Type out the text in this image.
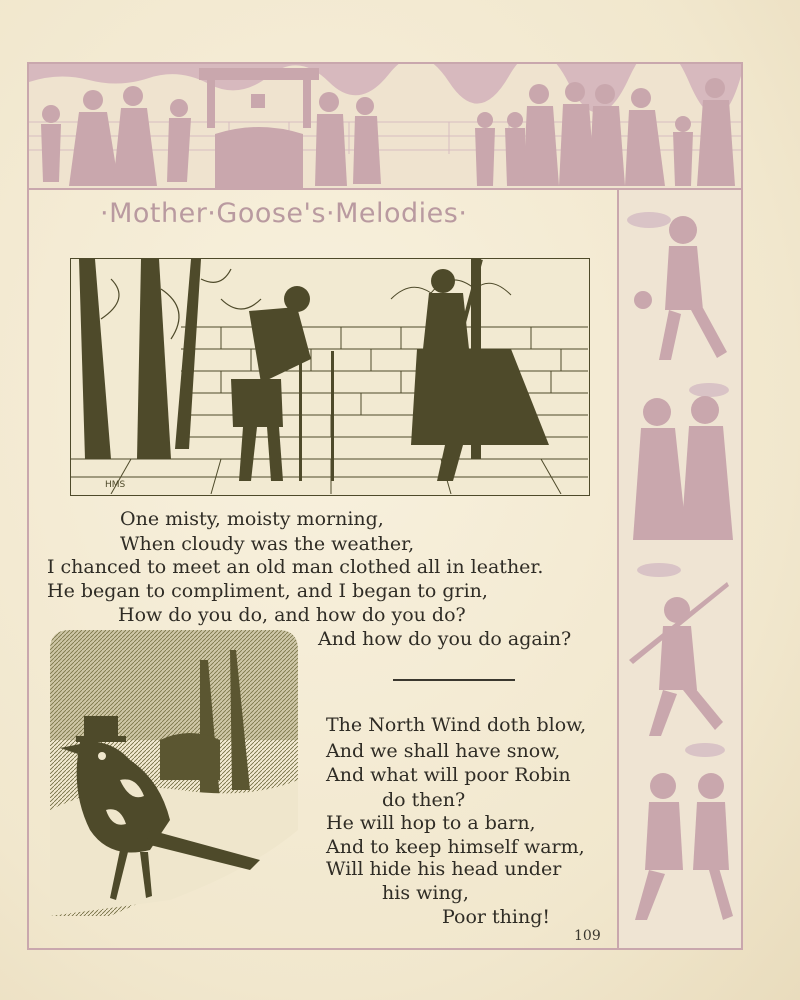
·Mother·Goose's·Melodies·
HMS
One misty, moisty morning,
When cloudy was the weather,
I chanced to meet an old man clothed all in leather.
He began to compliment, and I began to grin,
How do you do, and how do you do?
And how do you do again?
The North Wind doth blow,
And we shall have snow,
And what will poor Robin
do then?
He will hop to a barn,
And to keep himself warm,
Will hide his head under
his wing,
Poor thing!
109
